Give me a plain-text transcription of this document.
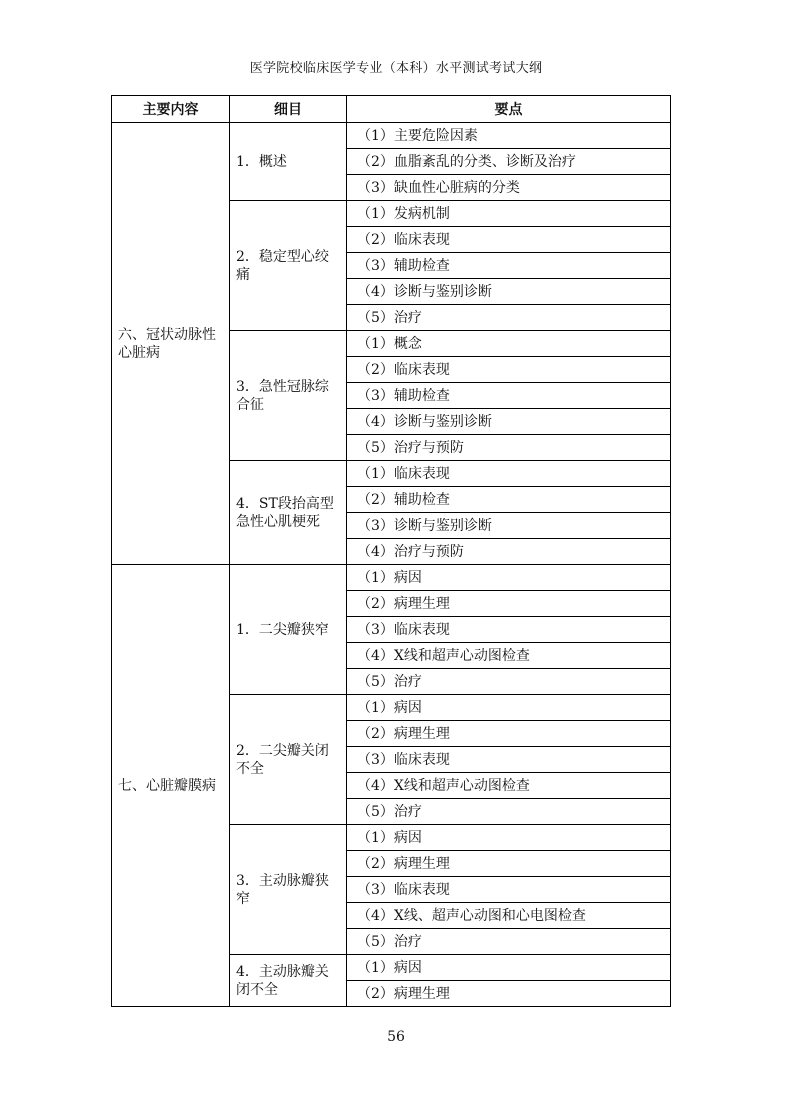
医学院校临床医学专业（本科）水平测试考试大纲
主要内容	细目	要点
六、冠状动脉性心脏病	1．概述	（1）主要危险因素
		（2）血脂紊乱的分类、诊断及治疗
		（3）缺血性心脏病的分类
	2．稳定型心绞痛	（1）发病机制
		（2）临床表现
		（3）辅助检查
		（4）诊断与鉴别诊断
		（5）治疗
	3．急性冠脉综合征	（1）概念
		（2）临床表现
		（3）辅助检查
		（4）诊断与鉴别诊断
		（5）治疗与预防
	4．ST段抬高型急性心肌梗死	（1）临床表现
		（2）辅助检查
		（3）诊断与鉴别诊断
		（4）治疗与预防
七、心脏瓣膜病	1．二尖瓣狭窄	（1）病因
		（2）病理生理
		（3）临床表现
		（4）X线和超声心动图检查
		（5）治疗
	2．二尖瓣关闭不全	（1）病因
		（2）病理生理
		（3）临床表现
		（4）X线和超声心动图检查
		（5）治疗
	3．主动脉瓣狭窄	（1）病因
		（2）病理生理
		（3）临床表现
		（4）X线、超声心动图和心电图检查
		（5）治疗
	4．主动脉瓣关闭不全	（1）病因
		（2）病理生理
56
